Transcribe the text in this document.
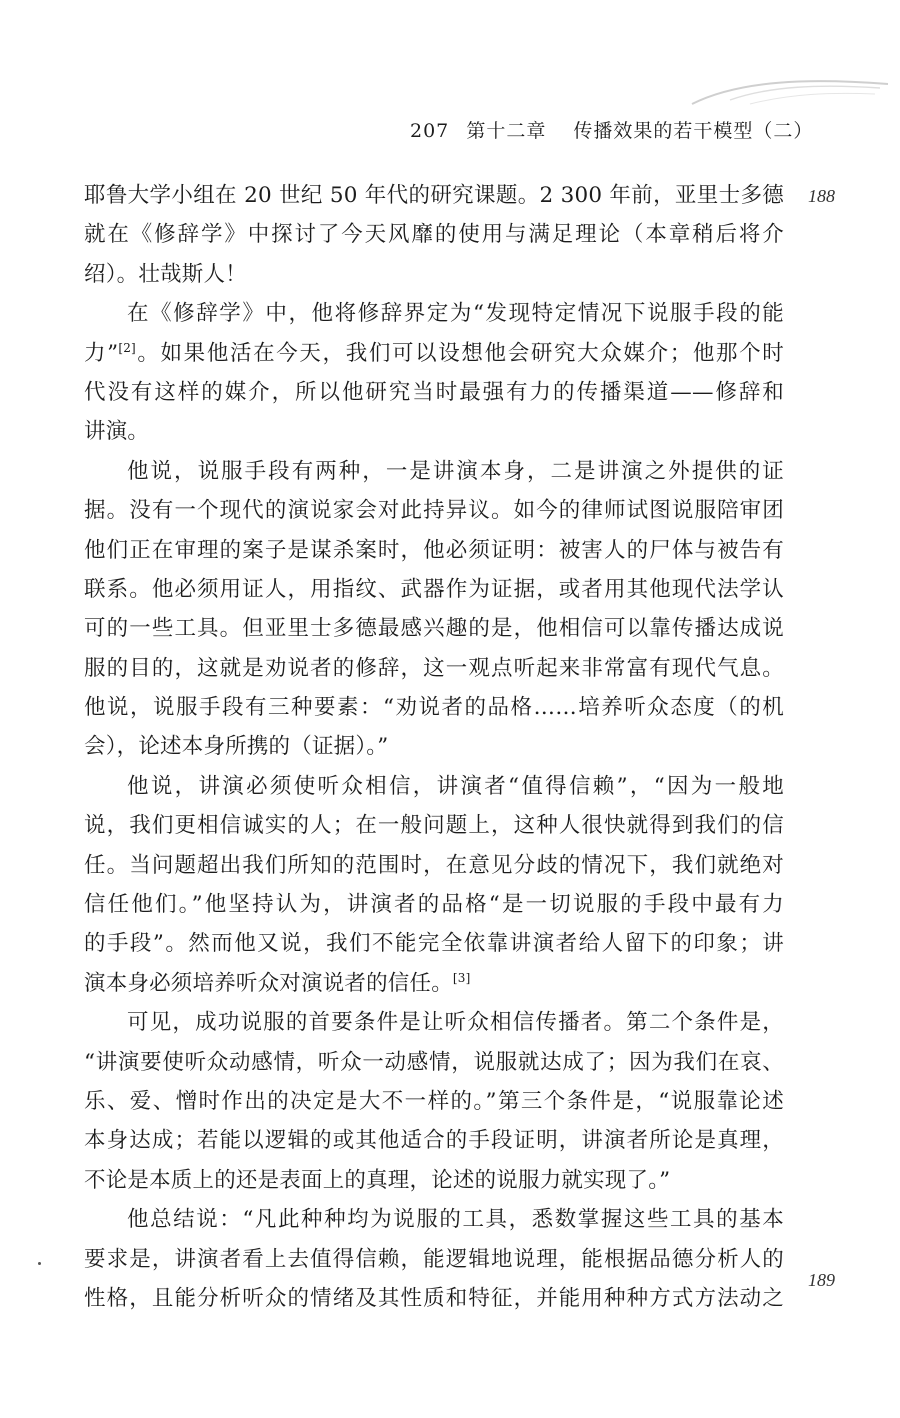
207 第十二章 传播效果的若干模型（二）
188
189
耶鲁大学小组在 20 世纪 50 年代的研究课题。2 300 年前，亚里士多德
就在《修辞学》中探讨了今天风靡的使用与满足理论（本章稍后将介
绍）。壮哉斯人！
在《修辞学》中，他将修辞界定为“发现特定情况下说服手段的能
力”[2]。如果他活在今天，我们可以设想他会研究大众媒介；他那个时
代没有这样的媒介，所以他研究当时最强有力的传播渠道——修辞和
讲演。
他说，说服手段有两种，一是讲演本身，二是讲演之外提供的证
据。没有一个现代的演说家会对此持异议。如今的律师试图说服陪审团
他们正在审理的案子是谋杀案时，他必须证明：被害人的尸体与被告有
联系。他必须用证人，用指纹、武器作为证据，或者用其他现代法学认
可的一些工具。但亚里士多德最感兴趣的是，他相信可以靠传播达成说
服的目的，这就是劝说者的修辞，这一观点听起来非常富有现代气息。
他说，说服手段有三种要素：“劝说者的品格……培养听众态度（的机
会），论述本身所携的（证据）。”
他说，讲演必须使听众相信，讲演者“值得信赖”，“因为一般地
说，我们更相信诚实的人；在一般问题上，这种人很快就得到我们的信
任。当问题超出我们所知的范围时，在意见分歧的情况下，我们就绝对
信任他们。”他坚持认为，讲演者的品格“是一切说服的手段中最有力
的手段”。然而他又说，我们不能完全依靠讲演者给人留下的印象；讲
演本身必须培养听众对演说者的信任。[3]
可见，成功说服的首要条件是让听众相信传播者。第二个条件是，
“讲演要使听众动感情，听众一动感情，说服就达成了；因为我们在哀、
乐、爱、憎时作出的决定是大不一样的。”第三个条件是，“说服靠论述
本身达成；若能以逻辑的或其他适合的手段证明，讲演者所论是真理，
不论是本质上的还是表面上的真理，论述的说服力就实现了。”
他总结说：“凡此种种均为说服的工具，悉数掌握这些工具的基本
要求是，讲演者看上去值得信赖，能逻辑地说理，能根据品德分析人的
性格，且能分析听众的情绪及其性质和特征，并能用种种方式方法动之
